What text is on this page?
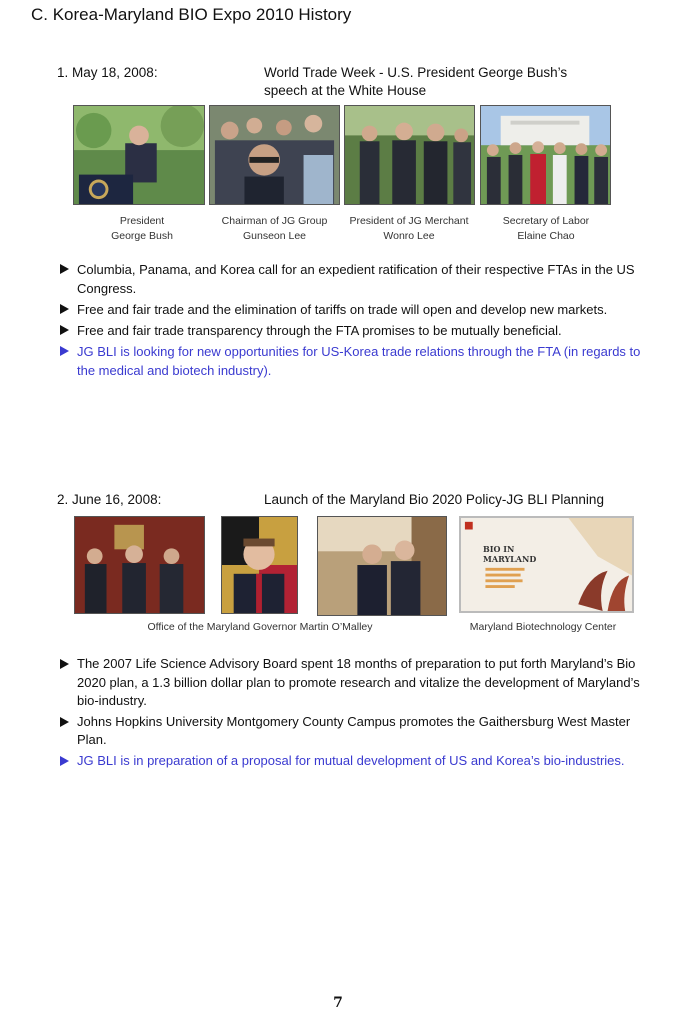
C. Korea-Maryland BIO Expo 2010 History
1. May 18, 2008:	World Trade Week - U.S. President George Bush’s
speech at the White House
President
George Bush
Chairman of JG Group
Gunseon Lee
President of JG Merchant
Wonro Lee
Secretary of Labor
Elaine Chao
Columbia, Panama, and Korea call for an expedient ratification of their respective FTAs in the US Congress.
Free and fair trade and the elimination of tariffs on trade will open and develop new markets.
Free and fair trade transparency through the FTA promises to be mutually beneficial.
JG BLI is looking for new opportunities for US-Korea trade relations through the FTA (in regards to the medical and biotech industry).
2. June 16, 2008:	Launch of the Maryland Bio 2020 Policy-JG BLI Planning
BIO IN
MARYLAND
Office of the Maryland Governor Martin O’Malley	Maryland Biotechnology Center
The 2007 Life Science Advisory Board spent 18 months of preparation to put forth Maryland’s Bio 2020 plan, a 1.3 billion dollar plan to promote research and vitalize the development of Maryland’s bio-industry.
Johns Hopkins University Montgomery County Campus promotes the Gaithersburg West Master Plan.
JG BLI is in preparation of a proposal for mutual development of US and Korea’s bio-industries.
7
